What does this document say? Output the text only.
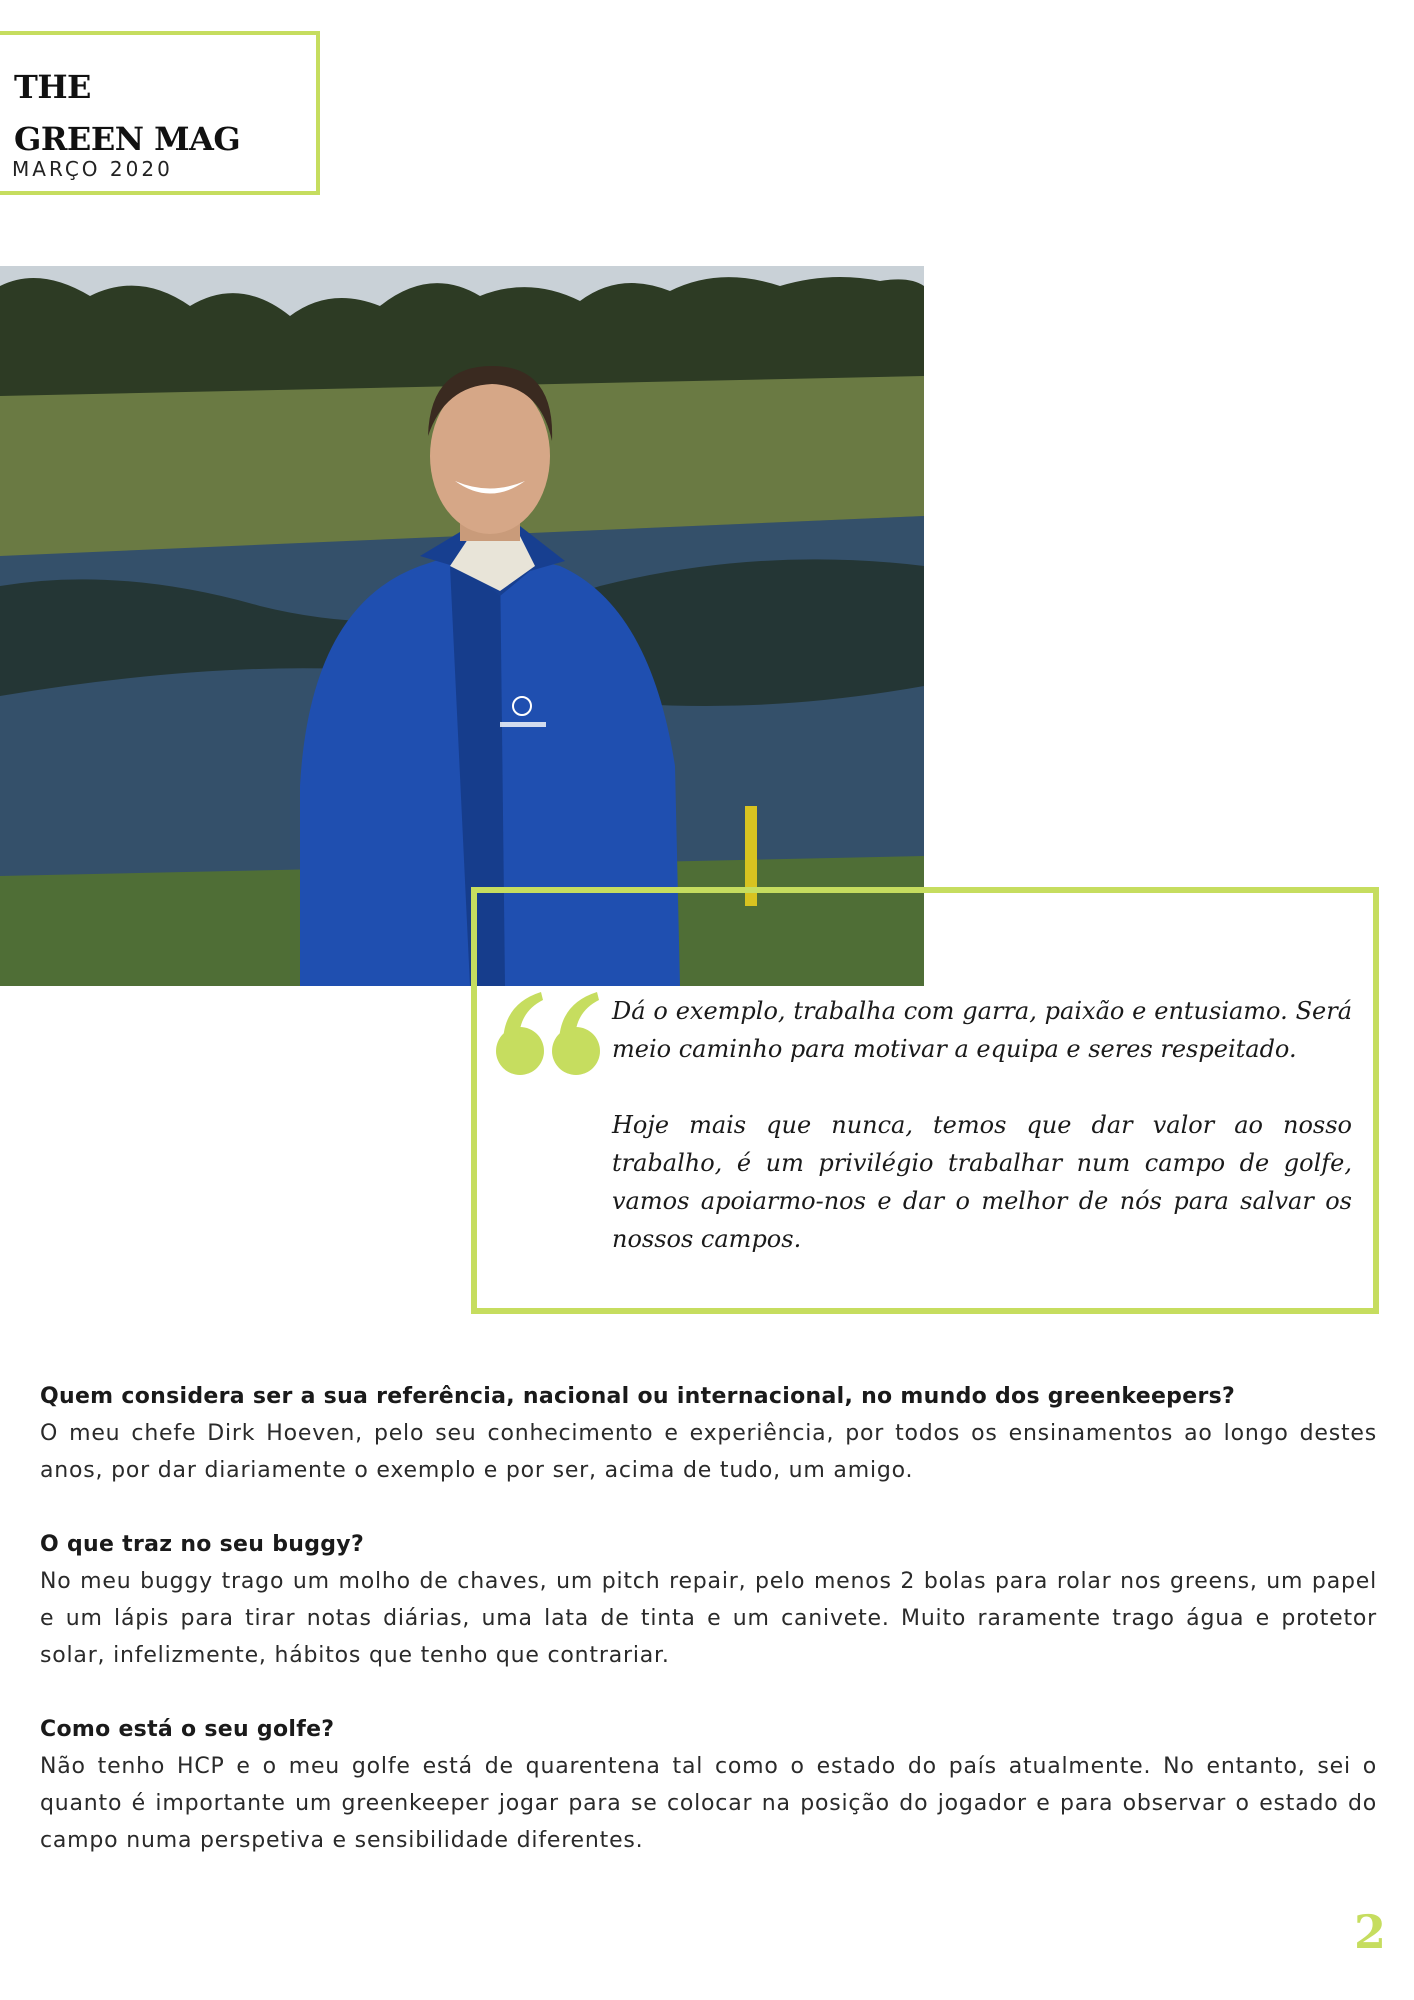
THE
GREEN MAG
MARÇO 2020

Dá o exemplo, trabalha com garra, paixão e entusiamo. Será meio caminho para motivar a equipa e seres respeitado.

Hoje mais que nunca, temos que dar valor ao nosso trabalho, é um privilégio trabalhar num campo de golfe, vamos apoiarmo-nos e dar o melhor de nós para salvar os nossos campos.

Quem considera ser a sua referência, nacional ou internacional, no mundo dos greenkeepers?
O meu chefe Dirk Hoeven, pelo seu conhecimento e experiência, por todos os ensinamentos ao longo destes anos, por dar diariamente o exemplo e por ser, acima de tudo, um amigo.
O que traz no seu buggy?
No meu buggy trago um molho de chaves, um pitch repair, pelo menos 2 bolas para rolar nos greens, um papel e um lápis para tirar notas diárias, uma lata de tinta e um canivete. Muito raramente trago água e protetor solar, infelizmente, hábitos que tenho que contrariar.
Como está o seu golfe?
Não tenho HCP e o meu golfe está de quarentena tal como o estado do país atualmente. No entanto, sei o quanto é importante um greenkeeper jogar para se colocar na posição do jogador e para observar o estado do campo numa perspetiva e sensibilidade diferentes.
2
